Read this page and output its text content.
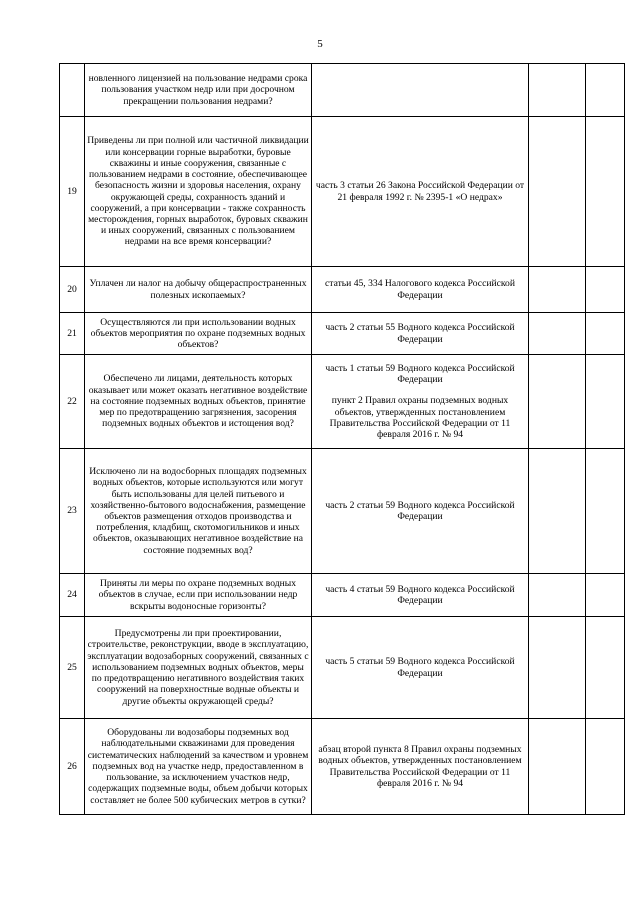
5
	новленного лицензией на пользование недрами срока пользования участком недр или при досрочном прекращении пользования недрами?	

19	Приведены ли при полной или частичной ликвидации или консервации горные выработки, буровые скважины и иные сооружения, связанные с пользованием недрами в состояние, обеспечивающее безопасность жизни и здоровья населения, охрану окружающей среды, сохранность зданий и сооружений, а при консервации - также сохранность месторождения, горных выработок, буровых скважин и иных сооружений, связанных с пользованием недрами на все время консервации?	часть 3 статьи 26 Закона Российской Федерации от 21 февраля 1992 г. № 2395-1 «О недрах»		

20	Уплачен ли налог на добычу общераспространенных полезных ископаемых?	статьи 45, 334 Налогового кодекса Российской Федерации		

21	Осуществляются ли при использовании водных объектов мероприятия по охране подземных водных объектов?	часть 2 статьи 55 Водного кодекса Российской Федерации		

22	Обеспечено ли лицами, деятельность которых оказывает или может оказать негативное воздействие на состояние подземных водных объектов, принятие мер по предотвращению загрязнения, засорения подземных водных объектов и истощения вод?	часть 1 статьи 59 Водного кодекса Российской Федерации
пункт 2 Правил охраны подземных водных объектов, утвержденных постановлением Правительства Российской Федерации от 11 февраля 2016 г. № 94		

23	Исключено ли на водосборных площадях подземных водных объектов, которые используются или могут быть использованы для целей питьевого и хозяйственно-бытового водоснабжения, размещение объектов размещения отходов производства и потребления, кладбищ, скотомогильников и иных объектов, оказывающих негативное воздействие на состояние подземных вод?	часть 2 статьи 59 Водного кодекса Российской Федерации		

24	Приняты ли меры по охране подземных водных объектов в случае, если при использовании недр вскрыты водоносные горизонты?	часть 4 статьи 59 Водного кодекса Российской Федерации		

25	Предусмотрены ли при проектировании, строительстве, реконструкции, вводе в эксплуатацию, эксплуатации водозаборных сооружений, связанных с использованием подземных водных объектов, меры по предотвращению негативного воздействия таких сооружений на поверхностные водные объекты и другие объекты окружающей среды?	часть 5 статьи 59 Водного кодекса Российской Федерации		

26	Оборудованы ли водозаборы подземных вод наблюдательными скважинами для проведения систематических наблюдений за качеством и уровнем подземных вод на участке недр, предоставленном в пользование, за исключением участков недр, содержащих подземные воды, объем добычи которых составляет не более 500 кубических метров в сутки?	абзац второй пункта 8 Правил охраны подземных водных объектов, утвержденных постановлением Правительства Российской Федерации от 11 февраля 2016 г. № 94		
